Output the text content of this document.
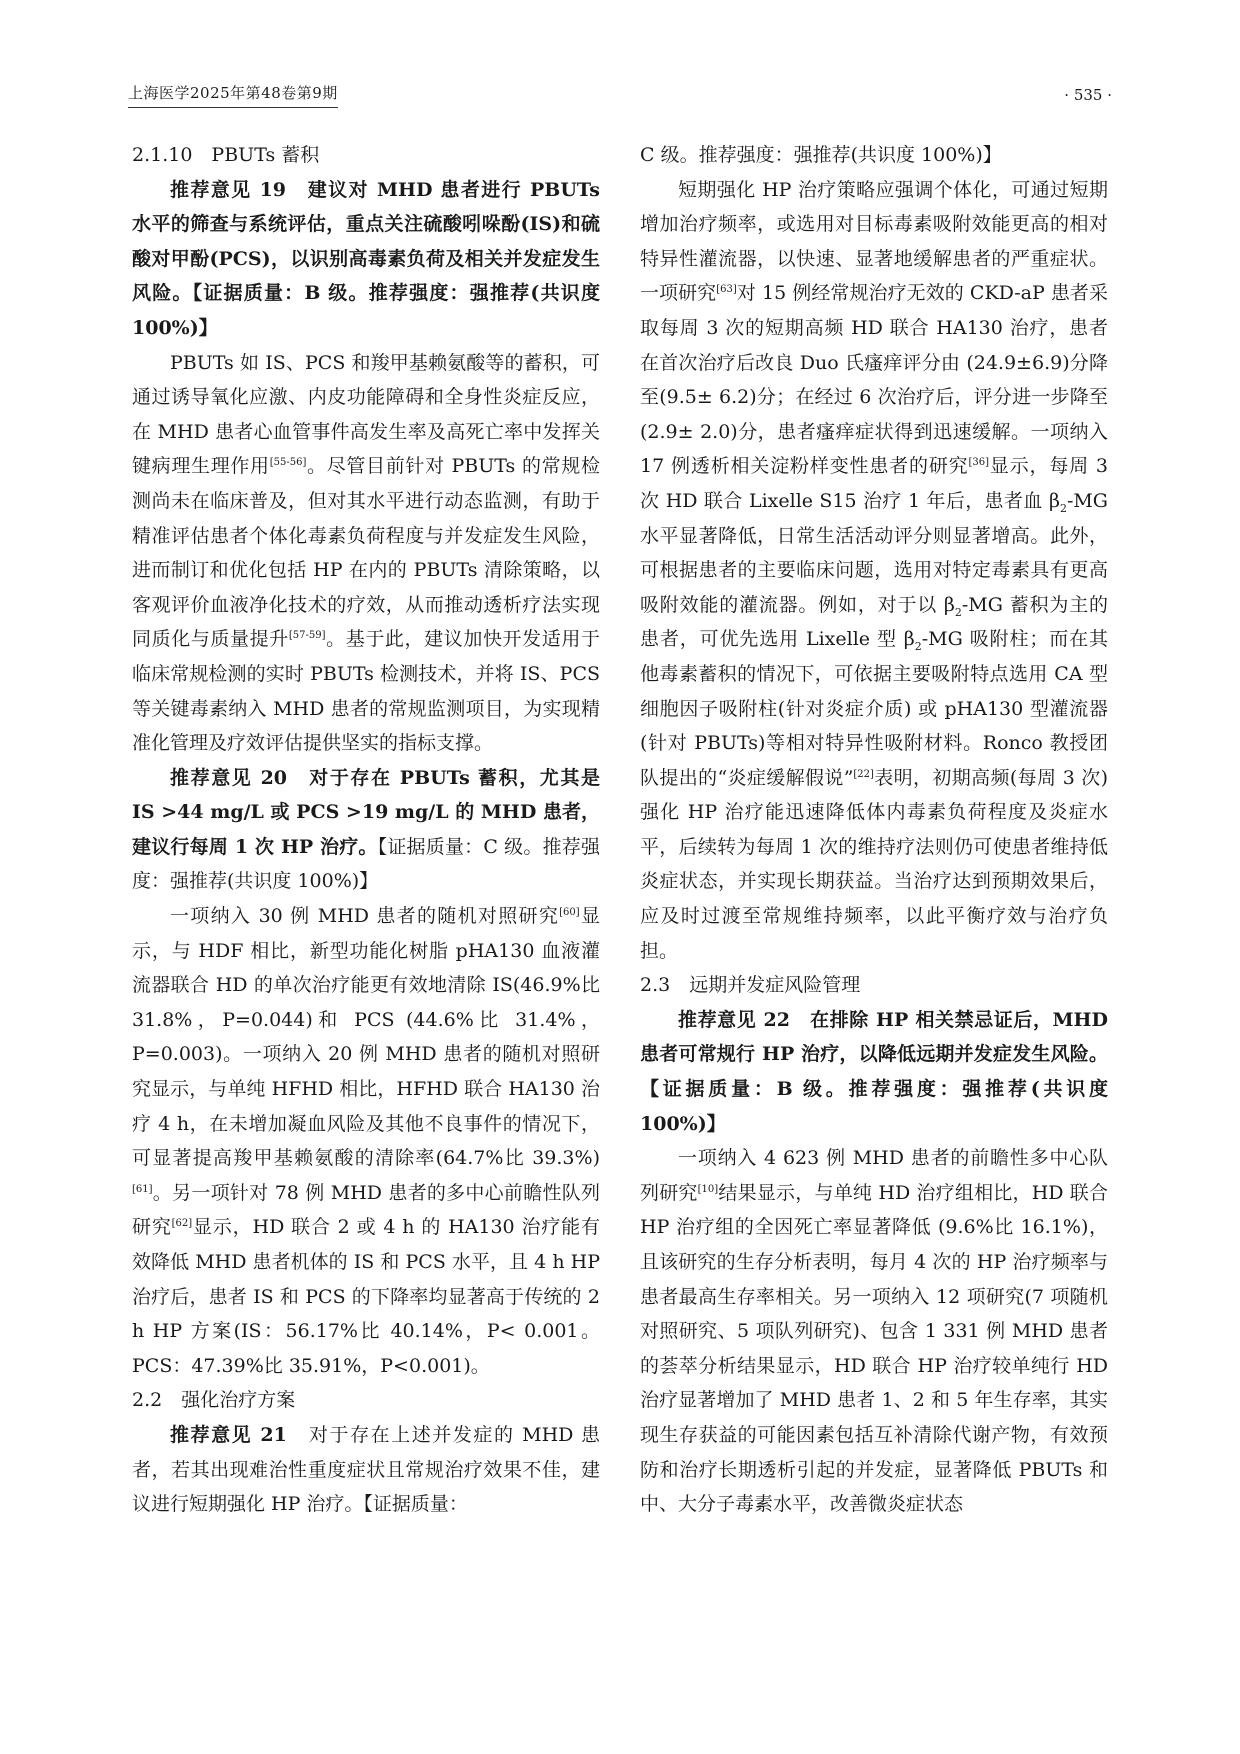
上海医学2025年第48卷第9期	· 535 ·
2.1.10　PBUTs 蓄积

推荐意见 19　建议对 MHD 患者进行 PBUTs 水平的筛查与系统评估，重点关注硫酸吲哚酚(IS)和硫酸对甲酚(PCS)，以识别高毒素负荷及相关并发症发生风险。【证据质量：B 级。推荐强度：强推荐(共识度 100%)】

PBUTs 如 IS、PCS 和羧甲基赖氨酸等的蓄积，可通过诱导氧化应激、内皮功能障碍和全身性炎症反应，在 MHD 患者心血管事件高发生率及高死亡率中发挥关键病理生理作用[55-56]。尽管目前针对 PBUTs 的常规检测尚未在临床普及，但对其水平进行动态监测，有助于精准评估患者个体化毒素负荷程度与并发症发生风险，进而制订和优化包括 HP 在内的 PBUTs 清除策略，以客观评价血液净化技术的疗效，从而推动透析疗法实现同质化与质量提升[57-59]。基于此，建议加快开发适用于临床常规检测的实时 PBUTs 检测技术，并将 IS、PCS 等关键毒素纳入 MHD 患者的常规监测项目，为实现精准化管理及疗效评估提供坚实的指标支撑。

推荐意见 20　对于存在 PBUTs 蓄积，尤其是 IS >44 mg/L 或 PCS >19 mg/L 的 MHD 患者，建议行每周 1 次 HP 治疗。【证据质量：C 级。推荐强度：强推荐(共识度 100%)】

一项纳入 30 例 MHD 患者的随机对照研究[60]显示，与 HDF 相比，新型功能化树脂 pHA130 血液灌流器联合 HD 的单次治疗能更有效地清除 IS(46.9%比 31.8%，P=0.044)和 PCS (44.6%比 31.4%，P=0.003)。一项纳入 20 例 MHD 患者的随机对照研究显示，与单纯 HFHD 相比，HFHD 联合 HA130 治疗 4 h，在未增加凝血风险及其他不良事件的情况下，可显著提高羧甲基赖氨酸的清除率(64.7%比 39.3%)[61]。另一项针对 78 例 MHD 患者的多中心前瞻性队列研究[62]显示，HD 联合 2 或 4 h 的 HA130 治疗能有效降低 MHD 患者机体的 IS 和 PCS 水平，且 4 h HP治疗后，患者 IS 和 PCS 的下降率均显著高于传统的 2 h HP 方案(IS：56.17%比 40.14%，P< 0.001。PCS：47.39%比 35.91%，P<0.001)。

2.2　强化治疗方案

推荐意见 21　对于存在上述并发症的 MHD 患者，若其出现难治性重度症状且常规治疗效果不佳，建议进行短期强化 HP 治疗。【证据质量：

C 级。推荐强度：强推荐(共识度 100%)】

短期强化 HP 治疗策略应强调个体化，可通过短期增加治疗频率，或选用对目标毒素吸附效能更高的相对特异性灌流器，以快速、显著地缓解患者的严重症状。一项研究[63]对 15 例经常规治疗无效的 CKD-aP 患者采取每周 3 次的短期高频 HD 联合 HA130 治疗，患者在首次治疗后改良 Duo 氏瘙痒评分由 (24.9±6.9)分降至(9.5± 6.2)分；在经过 6 次治疗后，评分进一步降至(2.9± 2.0)分，患者瘙痒症状得到迅速缓解。一项纳入 17 例透析相关淀粉样变性患者的研究[36]显示，每周 3 次 HD 联合 Lixelle S15 治疗 1 年后，患者血 $\beta_2-MG$ 水平显著降低，日常生活活动评分则显著增高。此外，可根据患者的主要临床问题，选用对特定毒素具有更高吸附效能的灌流器。例如，对于以 $\beta_2-MG$ 蓄积为主的患者，可优先选用 Lixelle 型 $\beta_2-MG$ 吸附柱；而在其他毒素蓄积的情况下，可依据主要吸附特点选用 CA 型细胞因子吸附柱(针对炎症介质) 或 pHA130 型灌流器(针对 PBUTs)等相对特异性吸附材料。Ronco 教授团队提出的“炎症缓解假说”[22]表明，初期高频(每周 3 次)强化 HP 治疗能迅速降低体内毒素负荷程度及炎症水平，后续转为每周 1 次的维持疗法则仍可使患者维持低炎症状态，并实现长期获益。当治疗达到预期效果后，应及时过渡至常规维持频率，以此平衡疗效与治疗负担。

2.3　远期并发症风险管理

推荐意见 22　在排除 HP 相关禁忌证后，MHD 患者可常规行 HP 治疗，以降低远期并发症发生风险。【证据质量：B 级。推荐强度：强推荐(共识度 100%)】

一项纳入 4 623 例 MHD 患者的前瞻性多中心队列研究[10]结果显示，与单纯 HD 治疗组相比，HD 联合 HP 治疗组的全因死亡率显著降低 (9.6%比 16.1%)，且该研究的生存分析表明，每月 4 次的 HP 治疗频率与患者最高生存率相关。另一项纳入 12 项研究(7 项随机对照研究、5 项队列研究)、包含 1 331 例 MHD 患者的荟萃分析结果显示，HD 联合 HP 治疗较单纯行 HD 治疗显著增加了 MHD 患者 1、2 和 5 年生存率，其实现生存获益的可能因素包括互补清除代谢产物，有效预防和治疗长期透析引起的并发症，显著降低 PBUTs 和中、大分子毒素水平，改善微炎症状态
